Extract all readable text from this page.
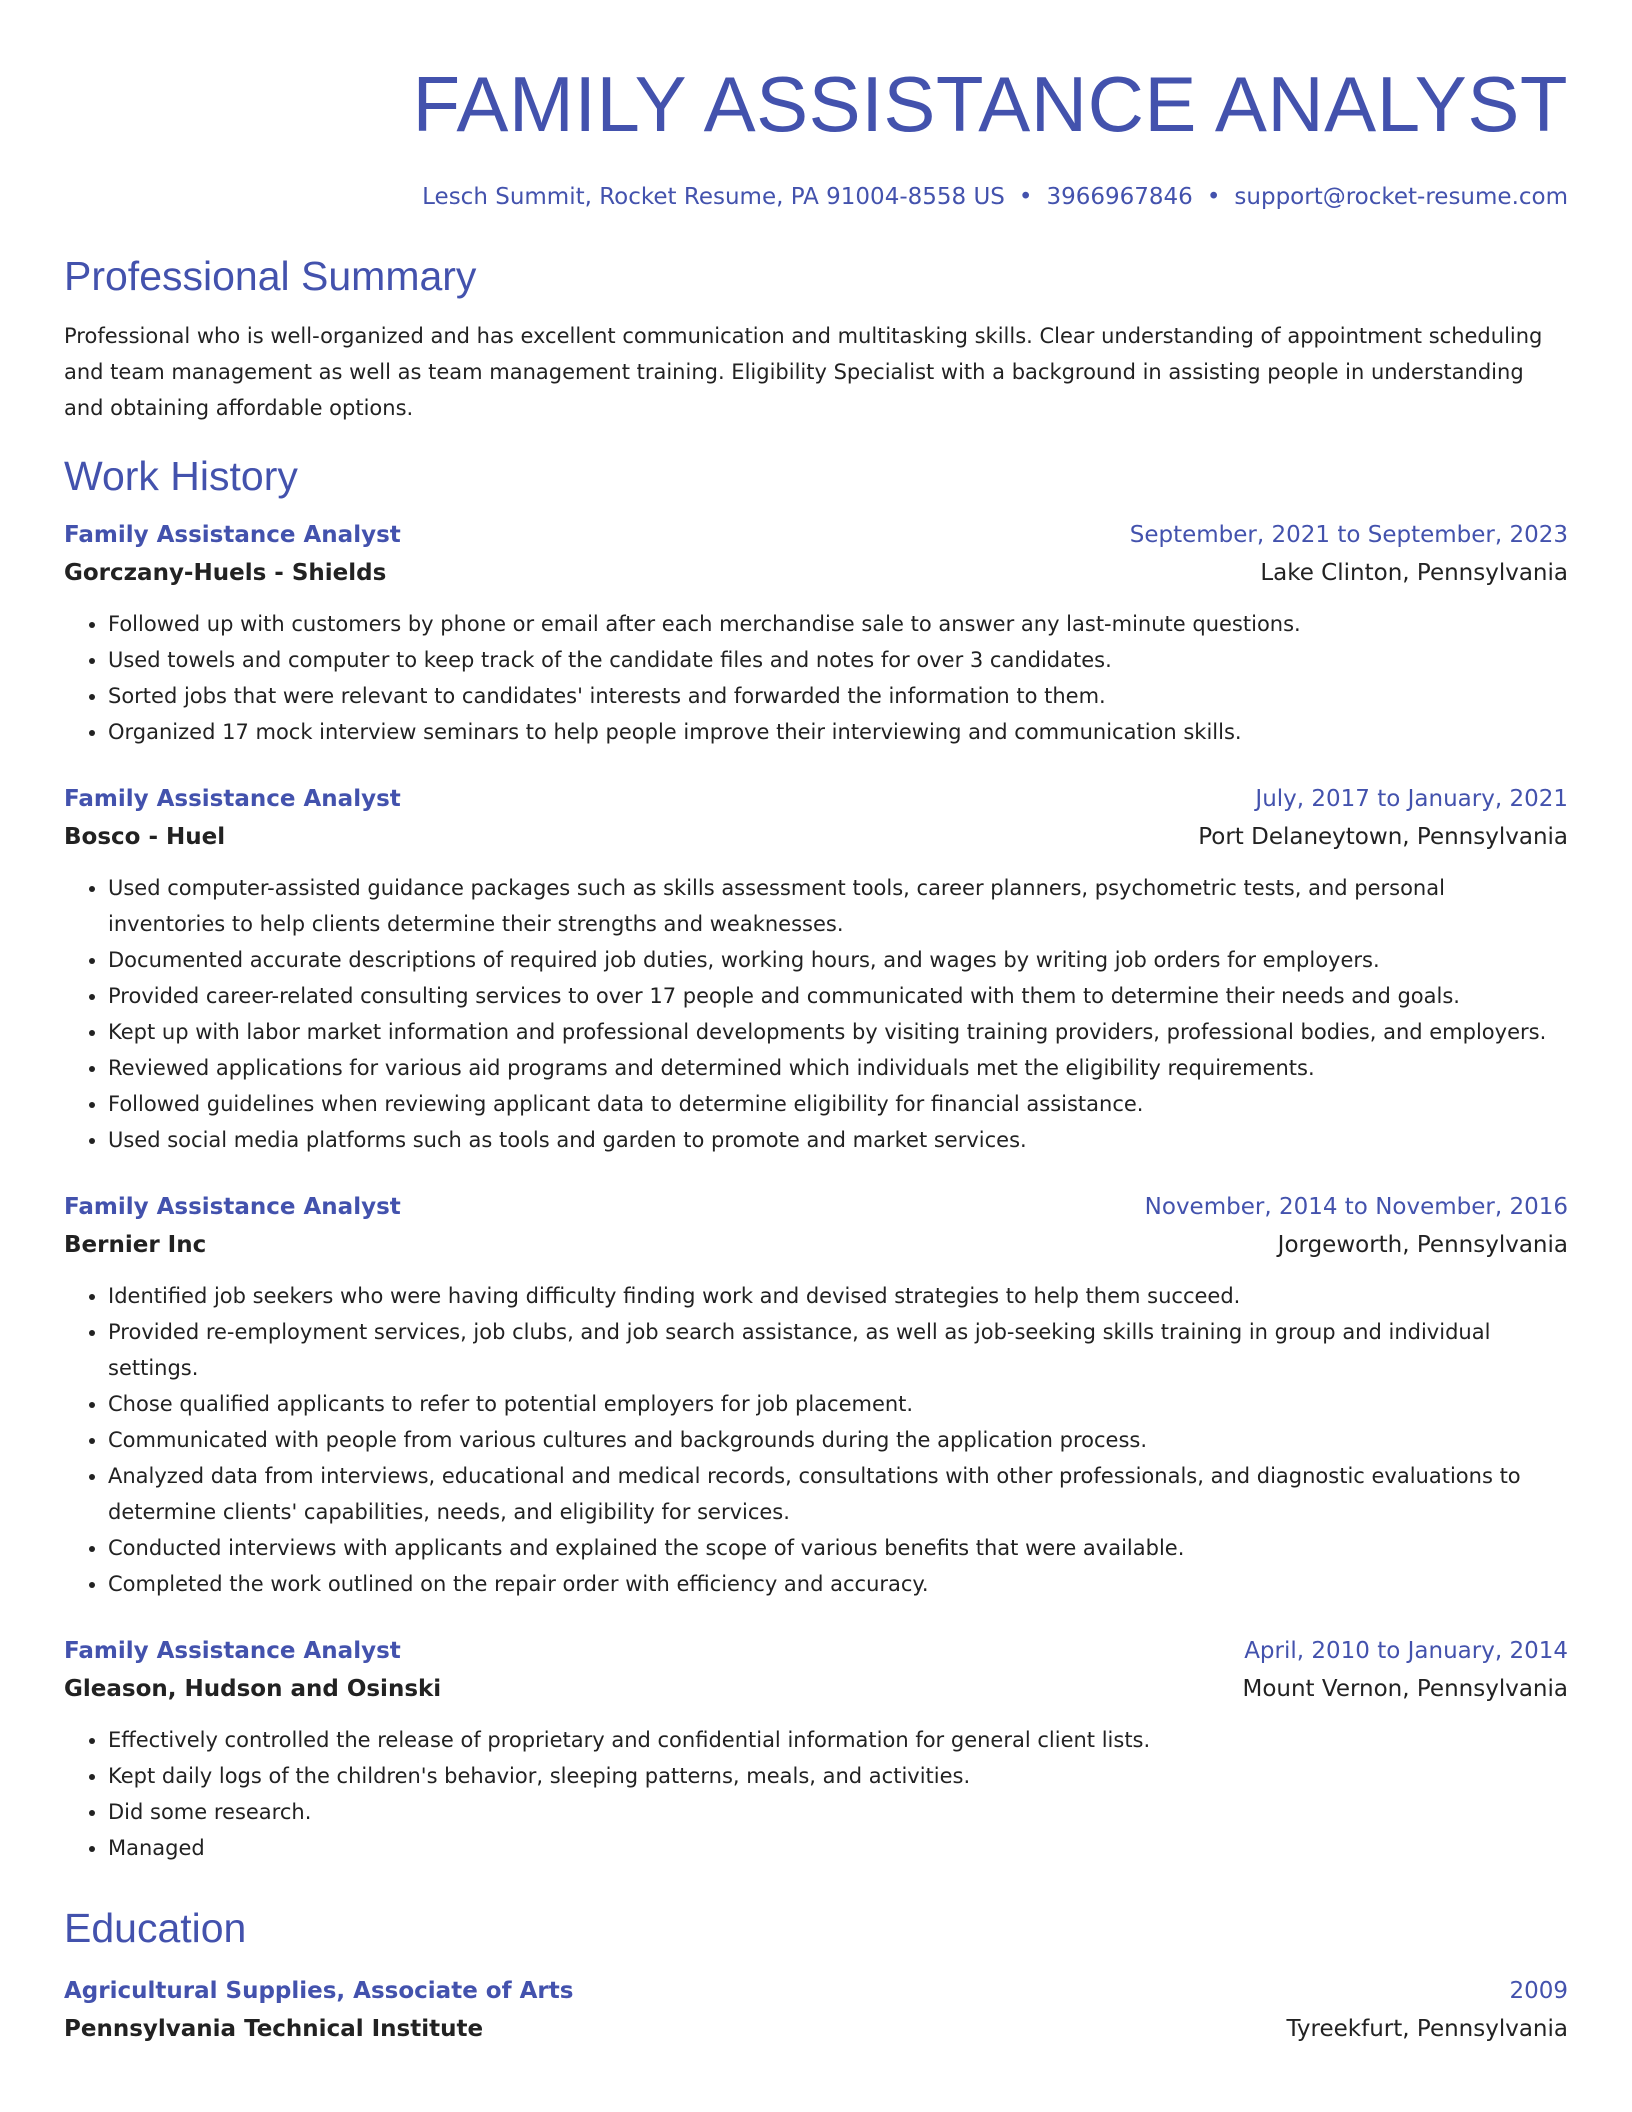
FAMILY ASSISTANCE ANALYST
Lesch Summit, Rocket Resume, PA 91004-8558 US • 3966967846 • support@rocket-resume.com
Professional Summary
Professional who is well-organized and has excellent communication and multitasking skills. Clear understanding of appointment scheduling and team management as well as team management training. Eligibility Specialist with a background in assisting people in understanding and obtaining affordable options.
Work History
Family Assistance Analyst	September, 2021 to September, 2023
Gorczany-Huels - Shields	Lake Clinton, Pennsylvania
• Followed up with customers by phone or email after each merchandise sale to answer any last-minute questions.
• Used towels and computer to keep track of the candidate files and notes for over 3 candidates.
• Sorted jobs that were relevant to candidates' interests and forwarded the information to them.
• Organized 17 mock interview seminars to help people improve their interviewing and communication skills.
Family Assistance Analyst	July, 2017 to January, 2021
Bosco - Huel	Port Delaneytown, Pennsylvania
• Used computer-assisted guidance packages such as skills assessment tools, career planners, psychometric tests, and personal inventories to help clients determine their strengths and weaknesses.
• Documented accurate descriptions of required job duties, working hours, and wages by writing job orders for employers.
• Provided career-related consulting services to over 17 people and communicated with them to determine their needs and goals.
• Kept up with labor market information and professional developments by visiting training providers, professional bodies, and employers.
• Reviewed applications for various aid programs and determined which individuals met the eligibility requirements.
• Followed guidelines when reviewing applicant data to determine eligibility for financial assistance.
• Used social media platforms such as tools and garden to promote and market services.
Family Assistance Analyst	November, 2014 to November, 2016
Bernier Inc	Jorgeworth, Pennsylvania
• Identified job seekers who were having difficulty finding work and devised strategies to help them succeed.
• Provided re-employment services, job clubs, and job search assistance, as well as job-seeking skills training in group and individual settings.
• Chose qualified applicants to refer to potential employers for job placement.
• Communicated with people from various cultures and backgrounds during the application process.
• Analyzed data from interviews, educational and medical records, consultations with other professionals, and diagnostic evaluations to determine clients' capabilities, needs, and eligibility for services.
• Conducted interviews with applicants and explained the scope of various benefits that were available.
• Completed the work outlined on the repair order with efficiency and accuracy.
Family Assistance Analyst	April, 2010 to January, 2014
Gleason, Hudson and Osinski	Mount Vernon, Pennsylvania
• Effectively controlled the release of proprietary and confidential information for general client lists.
• Kept daily logs of the children's behavior, sleeping patterns, meals, and activities.
• Did some research.
• Managed
Education
Agricultural Supplies, Associate of Arts	2009
Pennsylvania Technical Institute	Tyreekfurt, Pennsylvania
